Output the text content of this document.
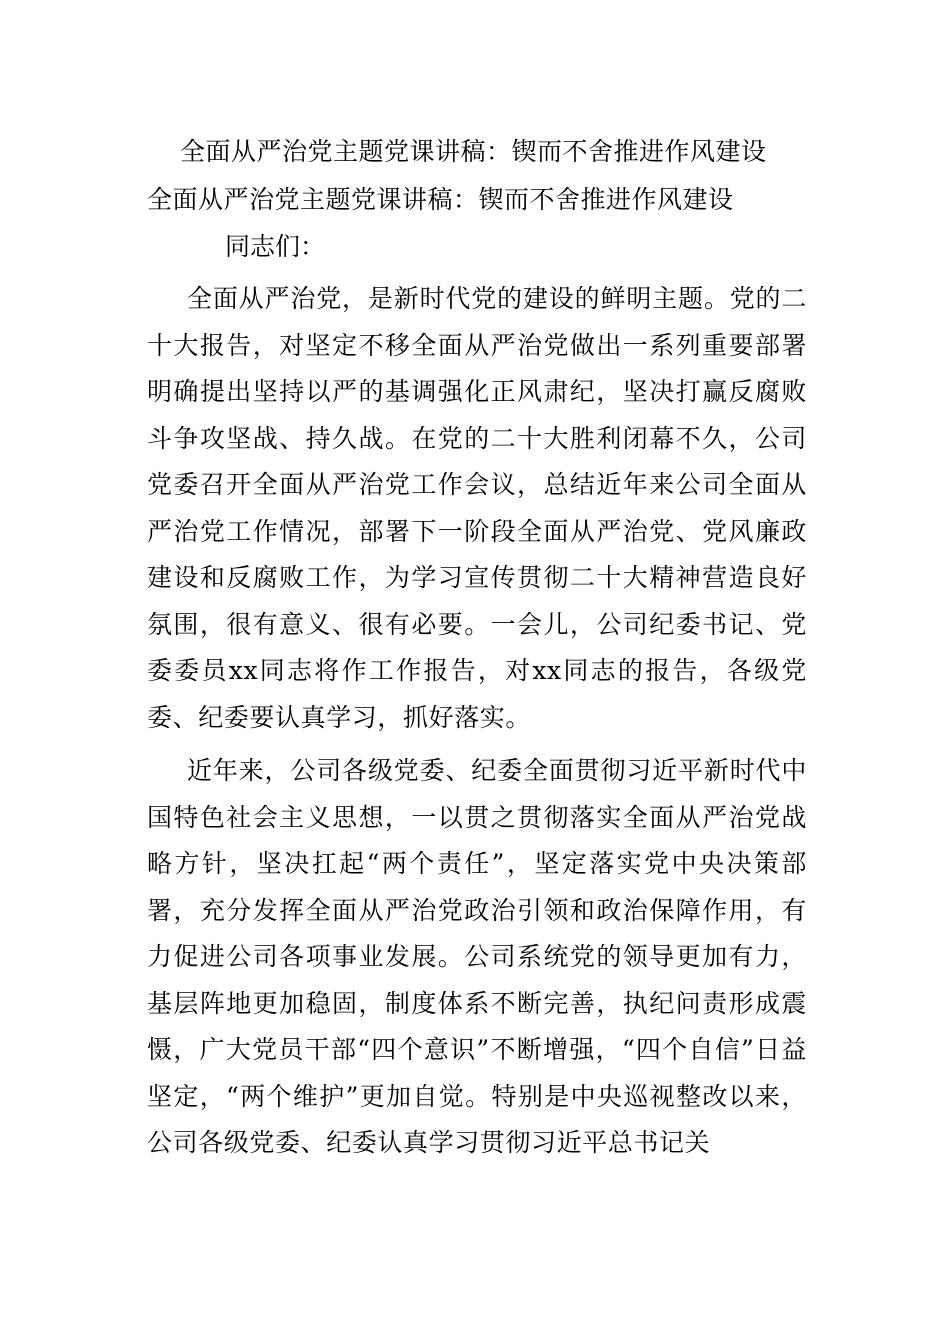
全面从严治党主题党课讲稿：锲而不舍推进作风建设
全面从严治党主题党课讲稿：锲而不舍推进作风建设
同志们：

全面从严治党，是新时代党的建设的鲜明主题。党的二十大报告，对坚定不移全面从严治党做出一系列重要部署明确提出坚持以严的基调强化正风肃纪，坚决打赢反腐败斗争攻坚战、持久战。在党的二十大胜利闭幕不久，公司党委召开全面从严治党工作会议，总结近年来公司全面从严治党工作情况，部署下一阶段全面从严治党、党风廉政建设和反腐败工作，为学习宣传贯彻二十大精神营造良好氛围，很有意义、很有必要。一会儿，公司纪委书记、党委委员xx同志将作工作报告，对xx同志的报告，各级党委、纪委要认真学习，抓好落实。

近年来，公司各级党委、纪委全面贯彻习近平新时代中国特色社会主义思想，一以贯之贯彻落实全面从严治党战略方针，坚决扛起“两个责任”，坚定落实党中央决策部署，充分发挥全面从严治党政治引领和政治保障作用，有力促进公司各项事业发展。公司系统党的领导更加有力，基层阵地更加稳固，制度体系不断完善，执纪问责形成震慑，广大党员干部“四个意识”不断增强，“四个自信”日益坚定，“两个维护”更加自觉。特别是中央巡视整改以来，公司各级党委、纪委认真学习贯彻习近平总书记关
